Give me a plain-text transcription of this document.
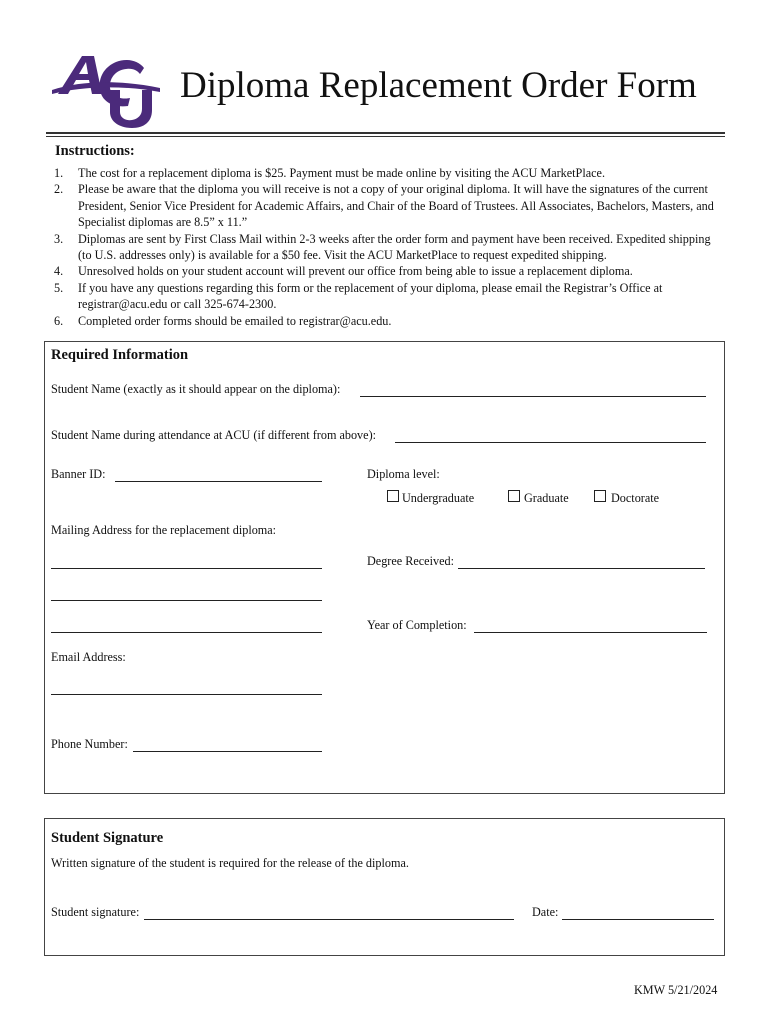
Diploma Replacement Order Form
Instructions:
1.	The cost for a replacement diploma is $25. Payment must be made online by visiting the ACU MarketPlace.
2.	Please be aware that the diploma you will receive is not a copy of your original diploma. It will have the signatures of the current President, Senior Vice President for Academic Affairs, and Chair of the Board of Trustees. All Associates, Bachelors, Masters, and Specialist diplomas are 8.5” x 11.”
3.	Diplomas are sent by First Class Mail within 2-3 weeks after the order form and payment have been received. Expedited shipping (to U.S. addresses only) is available for a $50 fee. Visit the ACU MarketPlace to request expedited shipping.
4.	Unresolved holds on your student account will prevent our office from being able to issue a replacement diploma.
5.	If you have any questions regarding this form or the replacement of your diploma, please email the Registrar’s Office at registrar@acu.edu or call 325-674-2300.
6.	Completed order forms should be emailed to registrar@acu.edu.
Required Information
Student Name (exactly as it should appear on the diploma):
Student Name during attendance at ACU (if different from above):
Banner ID:	Diploma level:
Undergraduate	Graduate	Doctorate
Mailing Address for the replacement diploma:
Degree Received:
Year of Completion:
Email Address:
Phone Number:
Student Signature
Written signature of the student is required for the release of the diploma.
Student signature:	Date:
KMW 5/21/2024
